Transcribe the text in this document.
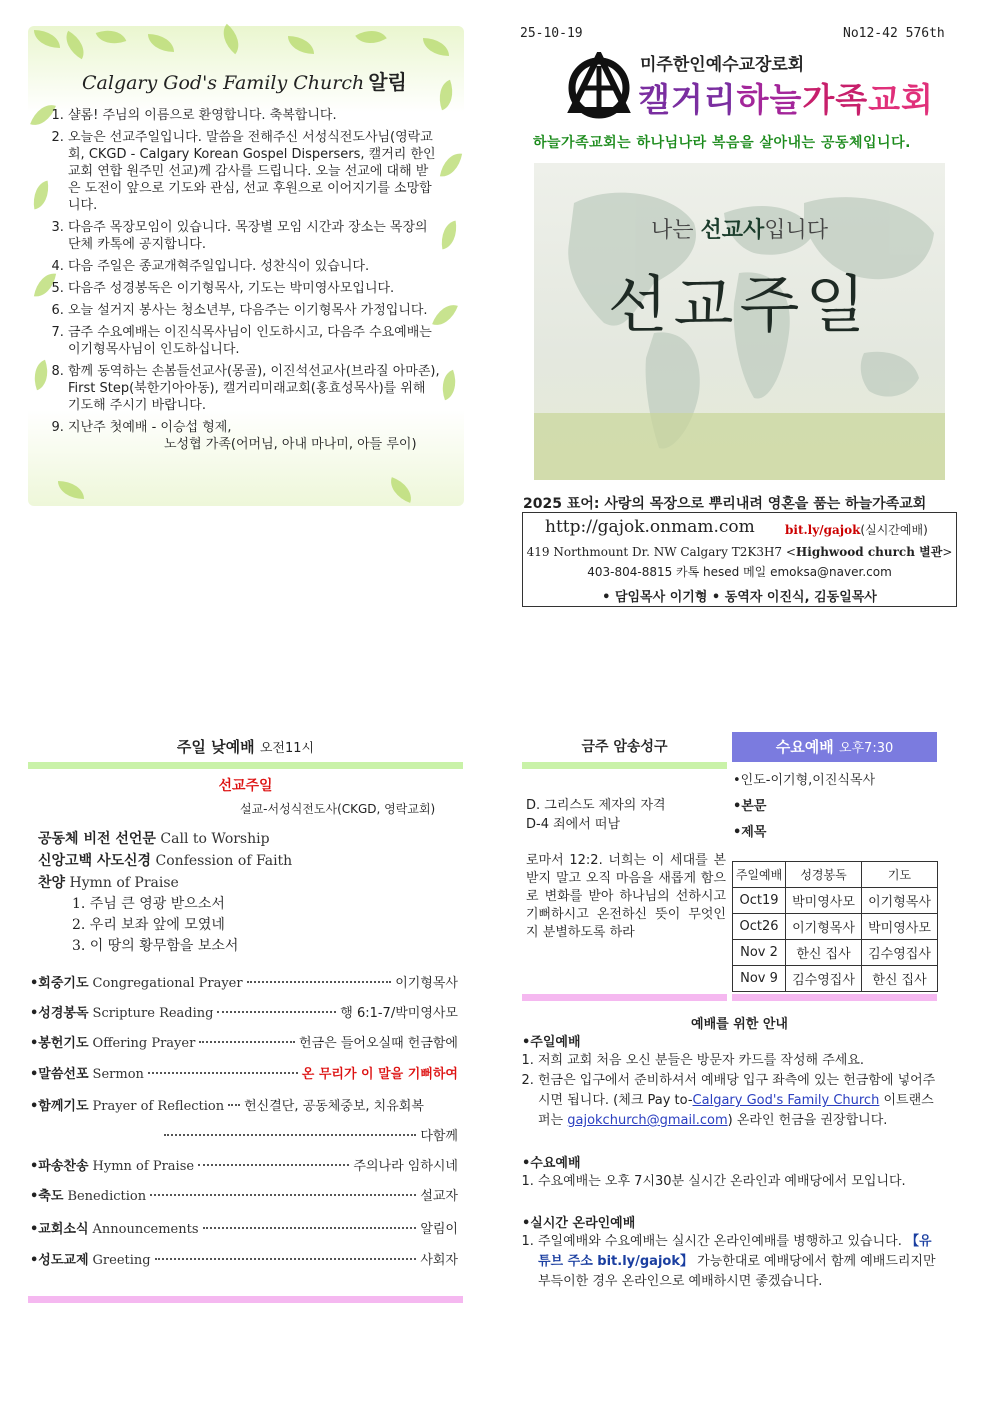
Calgary God's Family Church 알림
1. 샬롬! 주님의 이름으로 환영합니다. 축복합니다.
2. 오늘은 선교주일입니다. 말씀을 전해주신 서성식전도사님(영락교회, CKGD - Calgary Korean Gospel Dispersers, 캘거리 한인교회 연합 원주민 선교)께 감사를 드립니다. 오늘 선교에 대해 받은 도전이 앞으로 기도와 관심, 선교 후원으로 이어지기를 소망합니다.
3. 다음주 목장모임이 있습니다. 목장별 모임 시간과 장소는 목장의 단체 카톡에 공지합니다.
4. 다음 주일은 종교개혁주일입니다. 성찬식이 있습니다.
5. 다음주 성경봉독은 이기형목사, 기도는 박미영사모입니다.
6. 오늘 설거지 봉사는 청소년부, 다음주는 이기형목사 가정입니다.
7. 금주 수요예배는 이진식목사님이 인도하시고, 다음주 수요예배는 이기형목사님이 인도하십니다.
8. 함께 동역하는 손봄들선교사(몽골), 이진석선교사(브라질 아마존), First Step(북한기아아동), 캘거리미래교회(홍효성목사)를 위해 기도해 주시기 바랍니다.
9. 지난주 첫예배 - 이승섭 형제,
노성협 가족(어머님, 아내 마나미, 아들 루이)
25-10-19	No12-42 576th
미주한인예수교장로회
캘거리하늘가족교회
하늘가족교회는 하나님나라 복음을 살아내는 공동체입니다.
나는 선교사입니다
선교주일
2025 표어: 사랑의 목장으로 뿌리내려 영혼을 품는 하늘가족교회
http://gajok.onmam.com	bit.ly/gajok(실시간예배)
419 Northmount Dr. NW Calgary T2K3H7 <Highwood church 별관>
403-804-8815 카톡 hesed 메일 emoksa@naver.com
• 담임목사 이기형 • 동역자 이진식, 김동일목사
주일 낮예배 오전11시
선교주일
설교-서성식전도사(CKGD, 영락교회)
공동체 비전 선언문 Call to Worship
신앙고백 사도신경 Confession of Faith
찬양 Hymn of Praise
1. 주님 큰 영광 받으소서
2. 우리 보좌 앞에 모였네
3. 이 땅의 황무함을 보소서
•회중기도 Congregational Prayer	이기형목사
•성경봉독 Scripture Reading	행 6:1-7/박미영사모
•봉헌기도 Offering Prayer	헌금은 들어오실때 헌금함에
•말씀선포 Sermon	온 무리가 이 말을 기뻐하여
•함께기도 Prayer of Reflection 헌신결단, 공동체중보, 치유회복
다함께
•파송찬송 Hymn of Praise	주의나라 임하시네
•축도 Benediction	설교자
•교회소식 Announcements	알림이
•성도교제 Greeting	사회자
금주 암송성구
D. 그리스도 제자의 자격
D-4 죄에서 떠남
로마서 12:2. 너희는 이 세대를 본받지 말고 오직 마음을 새롭게 함으로 변화를 받아 하나님의 선하시고 기뻐하시고 온전하신 뜻이 무엇인지 분별하도록 하라
수요예배 오후7:30
•인도-이기형,이진식목사
•본문
•제목
주일예배	성경봉독	기도
Oct19	박미영사모	이기형목사
Oct26	이기형목사	박미영사모
Nov 2	한신 집사	김수영집사
Nov 9	김수영집사	한신 집사
예배를 위한 안내
•주일예배
1. 저희 교회 처음 오신 분들은 방문자 카드를 작성해 주세요.
2. 헌금은 입구에서 준비하셔서 예배당 입구 좌측에 있는 헌금함에 넣어주시면 됩니다. (체크 Pay to-Calgary God's Family Church 이트랜스퍼는 gajokchurch@gmail.com) 온라인 헌금을 권장합니다.
•수요예배
1. 수요예배는 오후 7시30분 실시간 온라인과 예배당에서 모입니다.
•실시간 온라인예배
1. 주일예배와 수요예배는 실시간 온라인예배를 병행하고 있습니다. 【유튜브 주소 bit.ly/gajok】 가능한대로 예배당에서 함께 예배드리지만 부득이한 경우 온라인으로 예배하시면 좋겠습니다.
